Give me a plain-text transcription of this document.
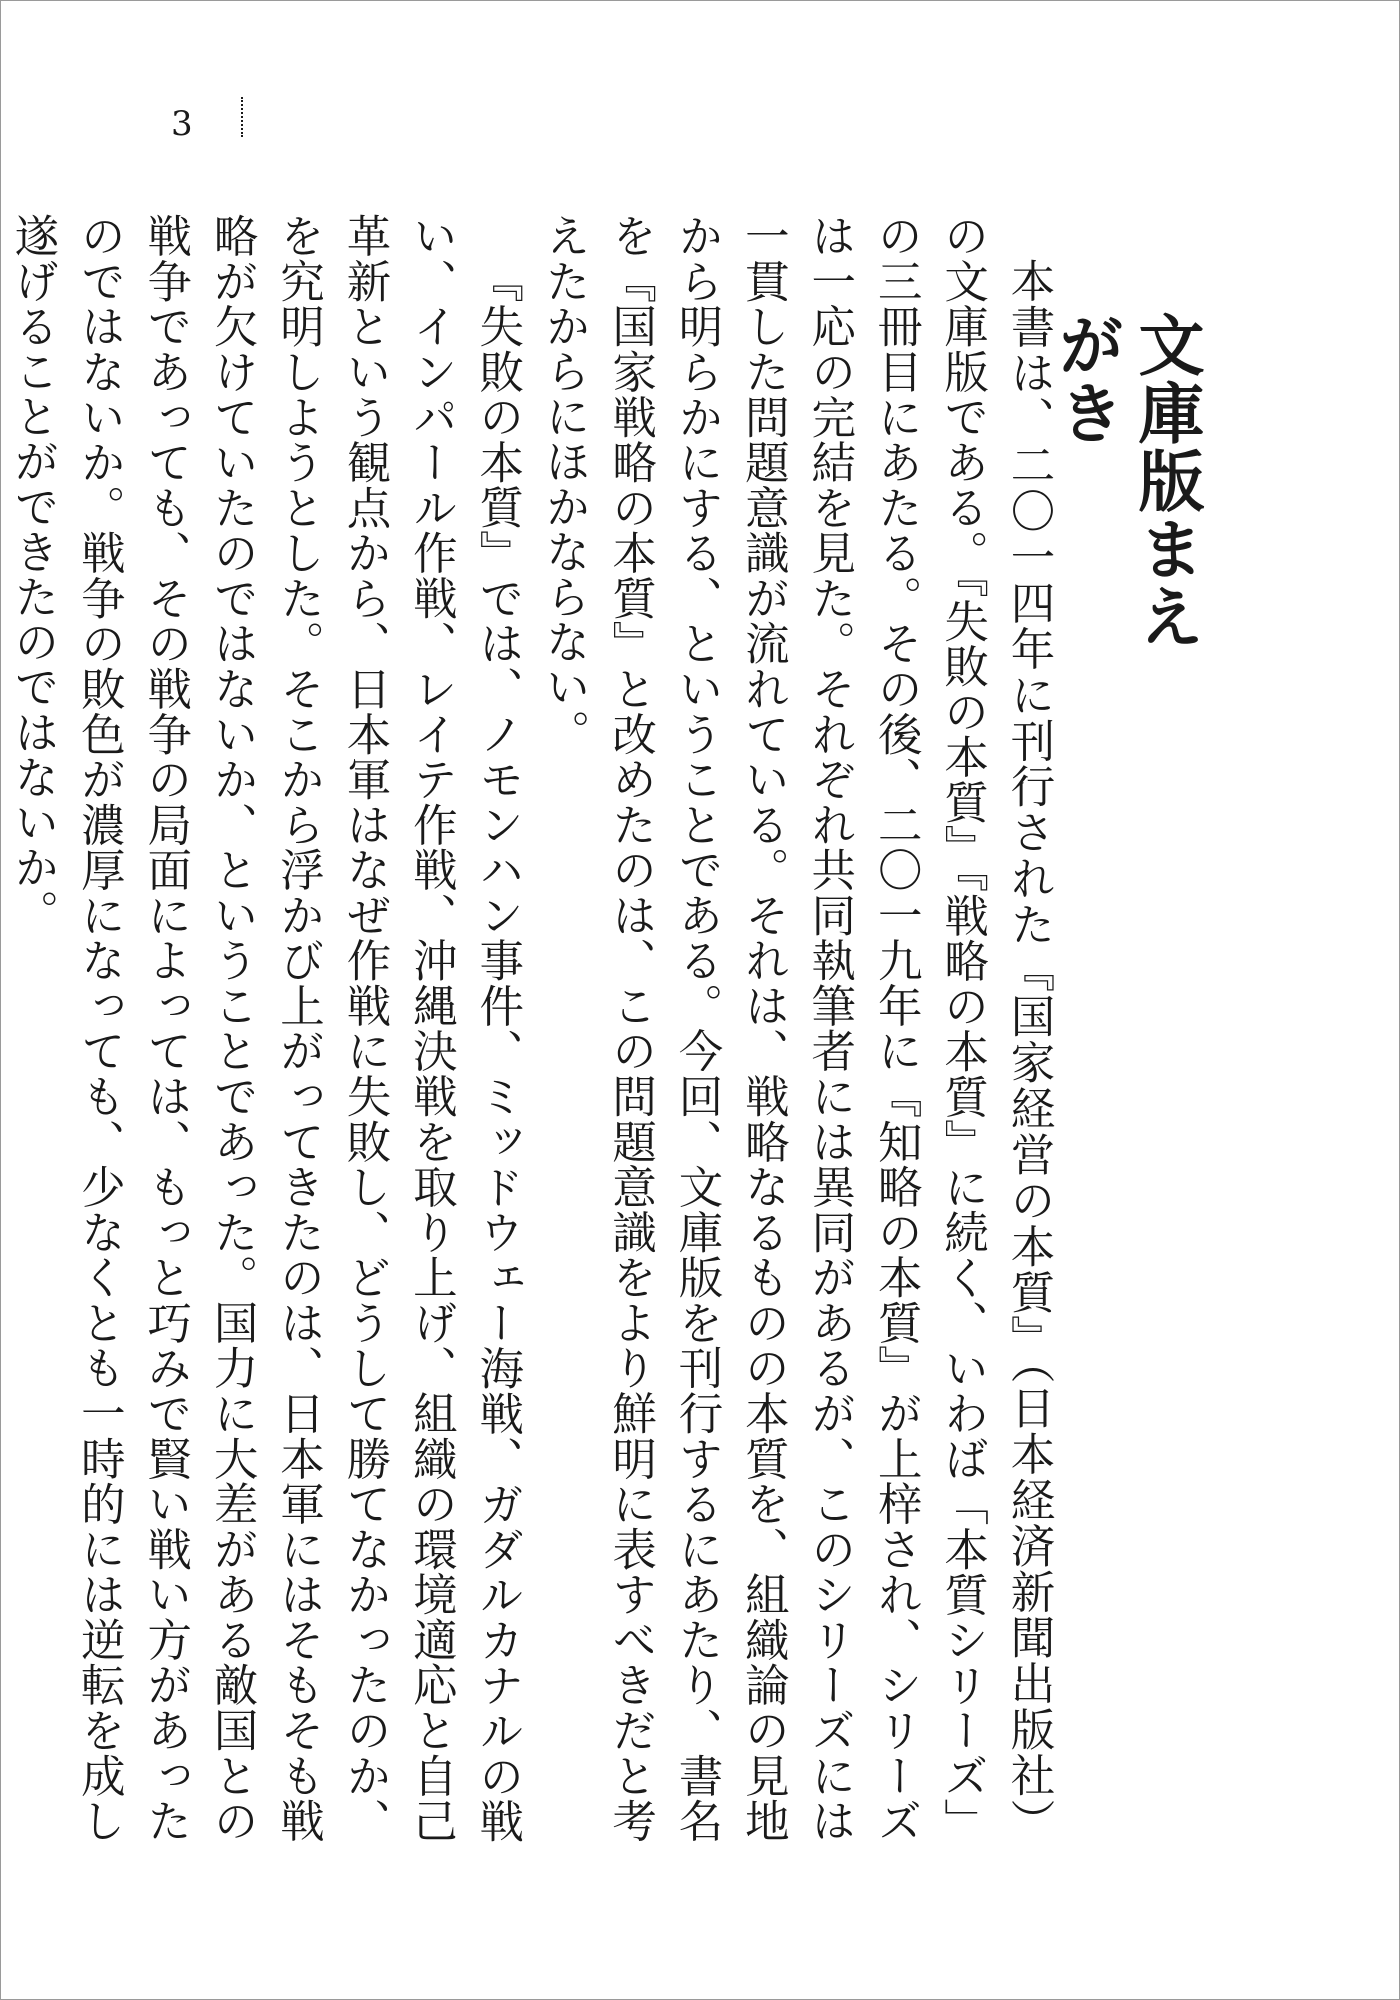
3
文庫版まえがき

本書は、二〇一四年に刊行された『国家経営の本質』（日本経済新聞出版社）の文庫版である。『失敗の本質』『戦略の本質』に続く、いわば「本質シリーズ」の三冊目にあたる。その後、二〇一九年に『知略の本質』が上梓され、シリーズは一応の完結を見た。それぞれ共同執筆者には異同があるが、このシリーズには一貫した問題意識が流れている。それは、戦略なるものの本質を、組織論の見地から明らかにする、ということである。今回、文庫版を刊行するにあたり、書名を『国家戦略の本質』と改めたのは、この問題意識をより鮮明に表すべきだと考えたからにほかならない。

『失敗の本質』では、ノモンハン事件、ミッドウェー海戦、ガダルカナルの戦い、インパール作戦、レイテ作戦、沖縄決戦を取り上げ、組織の環境適応と自己革新という観点から、日本軍はなぜ作戦に失敗し、どうして勝てなかったのか、を究明しようとした。そこから浮かび上がってきたのは、日本軍にはそもそも戦略が欠けていたのではないか、ということであった。国力に大差がある敵国との戦争であっても、その戦争の局面によっては、もっと巧みで賢い戦い方があったのではないか。戦争の敗色が濃厚になっても、少なくとも一時的には逆転を成し遂げることができたのではないか。
